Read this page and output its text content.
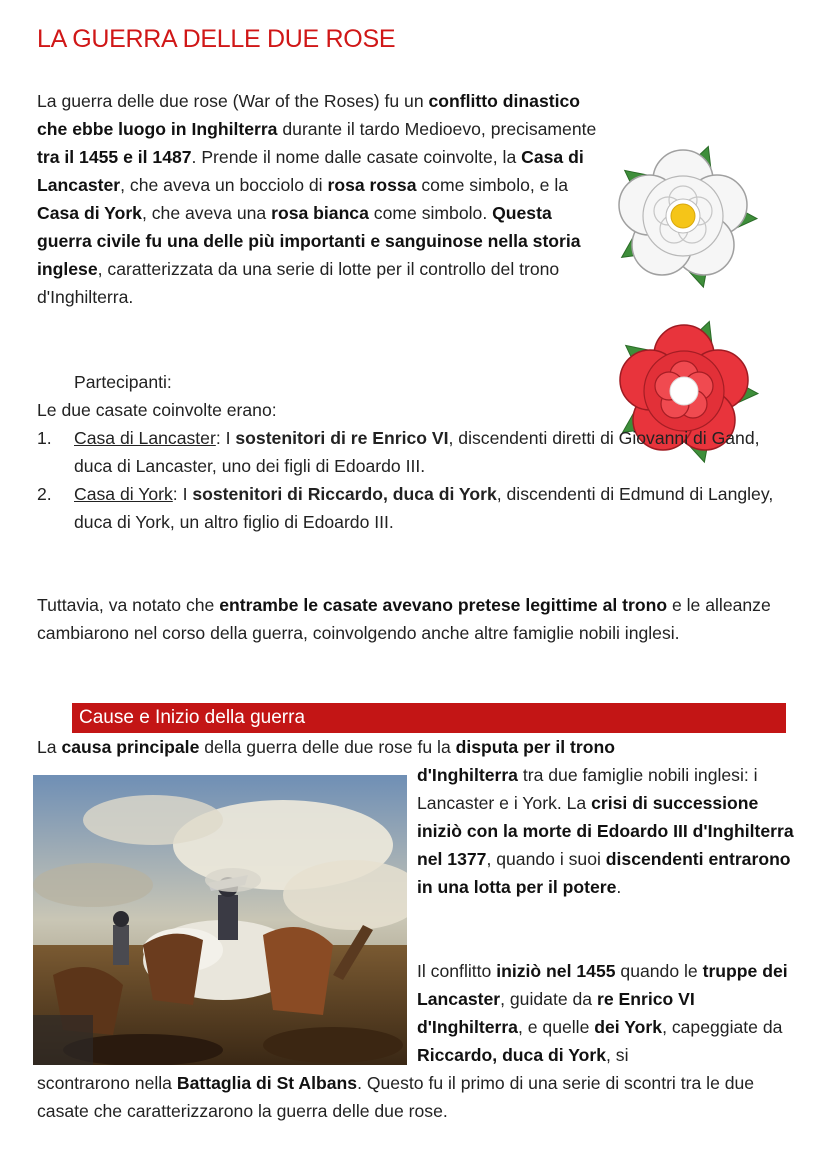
LA GUERRA DELLE DUE ROSE

La guerra delle due rose (War of the Roses) fu un conflitto dinastico che ebbe luogo in Inghilterra durante il tardo Medioevo, precisamente tra il 1455 e il 1487. Prende il nome dalle casate coinvolte, la Casa di Lancaster, che aveva un bocciolo di rosa rossa come simbolo, e la Casa di York, che aveva una rosa bianca come simbolo. Questa guerra civile fu una delle più importanti e sanguinose nella storia inglese, caratterizzata da una serie di lotte per il controllo del trono d'Inghilterra.

Partecipanti:
Le due casate coinvolte erano:
1. Casa di Lancaster: I sostenitori di re Enrico VI, discendenti diretti di Giovanni di Gand, duca di Lancaster, uno dei figli di Edoardo III.
2. Casa di York: I sostenitori di Riccardo, duca di York, discendenti di Edmund di Langley, duca di York, un altro figlio di Edoardo III.

Tuttavia, va notato che entrambe le casate avevano pretese legittime al trono e le alleanze cambiarono nel corso della guerra, coinvolgendo anche altre famiglie nobili inglesi.

Cause e Inizio della guerra

La causa principale della guerra delle due rose fu la disputa per il trono

d'Inghilterra tra due famiglie nobili inglesi: i Lancaster e i York. La crisi di successione iniziò con la morte di Edoardo III d'Inghilterra nel 1377, quando i suoi discendenti entrarono in una lotta per il potere.

Il conflitto iniziò nel 1455 quando le truppe dei Lancaster, guidate da re Enrico VI d'Inghilterra, e quelle dei York, capeggiate da Riccardo, duca di York, si

scontrarono nella Battaglia di St Albans. Questo fu il primo di una serie di scontri tra le due casate che caratterizzarono la guerra delle due rose.
